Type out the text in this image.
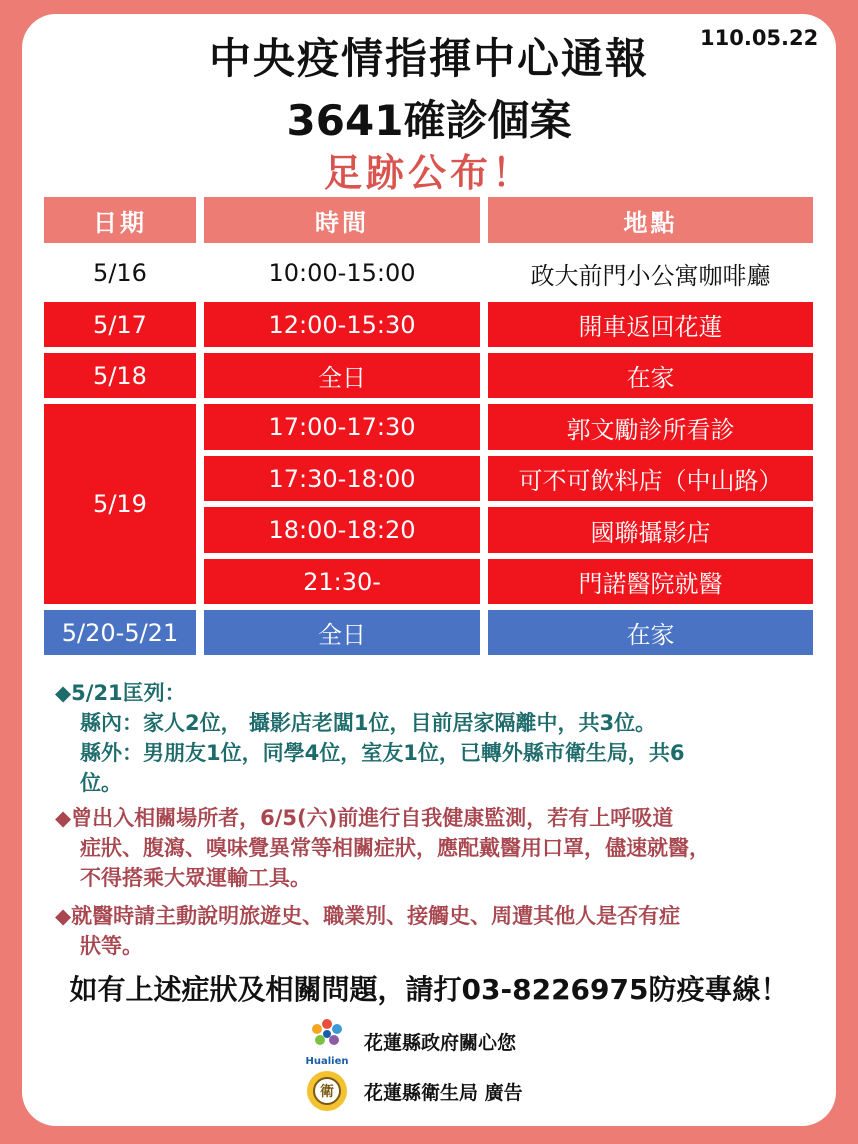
中央疫情指揮中心通報	110.05.22
3641確診個案
足跡公布！
日期	時間	地點
5/16	10:00-15:00	政大前門小公寓咖啡廳
5/17	12:00-15:30	開車返回花蓮
5/18	全日	在家
5/19
17:00-17:30	郭文勵診所看診
17:30-18:00	可不可飲料店（中山路）
18:00-18:20	國聯攝影店
21:30-	門諾醫院就醫
5/20-5/21	全日	在家
◆5/21匡列：
縣內：家人2位， 攝影店老闆1位，目前居家隔離中，共3位。
縣外：男朋友1位，同學4位，室友1位，已轉外縣市衛生局，共6
位。
◆曾出入相關場所者，6/5(六)前進行自我健康監測，若有上呼吸道
症狀、腹瀉、嗅味覺異常等相關症狀，應配戴醫用口罩，儘速就醫，
不得搭乘大眾運輸工具。
◆就醫時請主動說明旅遊史、職業別、接觸史、周遭其他人是否有症
狀等。
如有上述症狀及相關問題，請打03-8226975防疫專線！
Hualien
花蓮縣政府關心您
衛	花蓮縣衛生局 廣告
